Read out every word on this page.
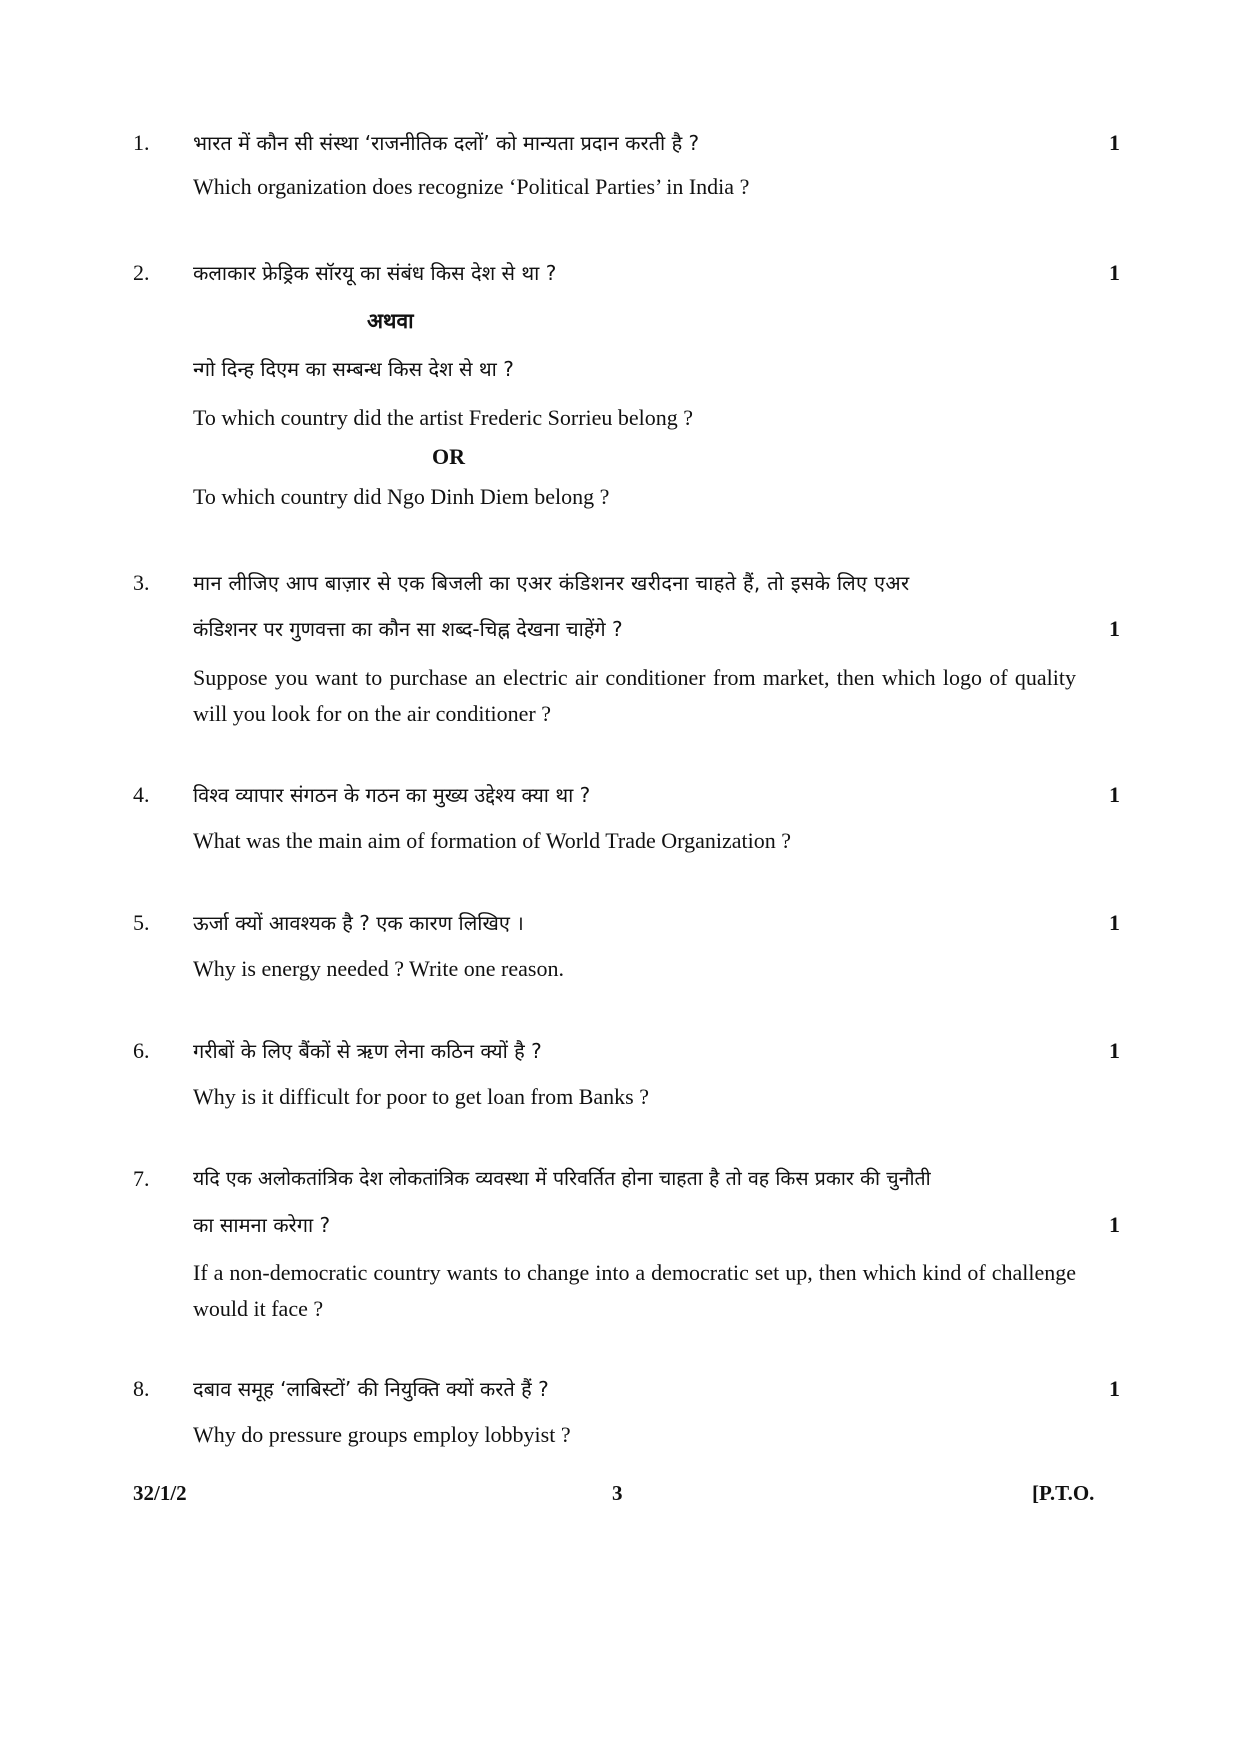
1. भारत में कौन सी संस्था ‘राजनीतिक दलों’ को मान्यता प्रदान करती है ?	1
Which organization does recognize ‘Political Parties’ in India ?
2. कलाकार फ्रेड्रिक सॉरयू का संबंध किस देश से था ?	1
अथवा
न्गो दिन्ह दिएम का सम्बन्ध किस देश से था ?
To which country did the artist Frederic Sorrieu belong ?
OR
To which country did Ngo Dinh Diem belong ?
3. मान लीजिए आप बाज़ार से एक बिजली का एअर कंडिशनर खरीदना चाहते हैं, तो इसके लिए एअर
कंडिशनर पर गुणवत्ता का कौन सा शब्द-चिह्न देखना चाहेंगे ?	1
Suppose you want to purchase an electric air conditioner from market, then which logo of quality will you look for on the air conditioner ?
4. विश्व व्यापार संगठन के गठन का मुख्य उद्देश्य क्या था ?	1
What was the main aim of formation of World Trade Organization ?
5. ऊर्जा क्यों आवश्यक है ? एक कारण लिखिए ।	1
Why is energy needed ? Write one reason.
6. गरीबों के लिए बैंकों से ऋण लेना कठिन क्यों है ?	1
Why is it difficult for poor to get loan from Banks ?
7. यदि एक अलोकतांत्रिक देश लोकतांत्रिक व्यवस्था में परिवर्तित होना चाहता है तो वह किस प्रकार की चुनौती
का सामना करेगा ?	1
If a non-democratic country wants to change into a democratic set up, then which kind of challenge would it face ?
8. दबाव समूह ‘लाबिस्टों’ की नियुक्ति क्यों करते हैं ?	1
Why do pressure groups employ lobbyist ?
32/1/2	3	[P.T.O.
